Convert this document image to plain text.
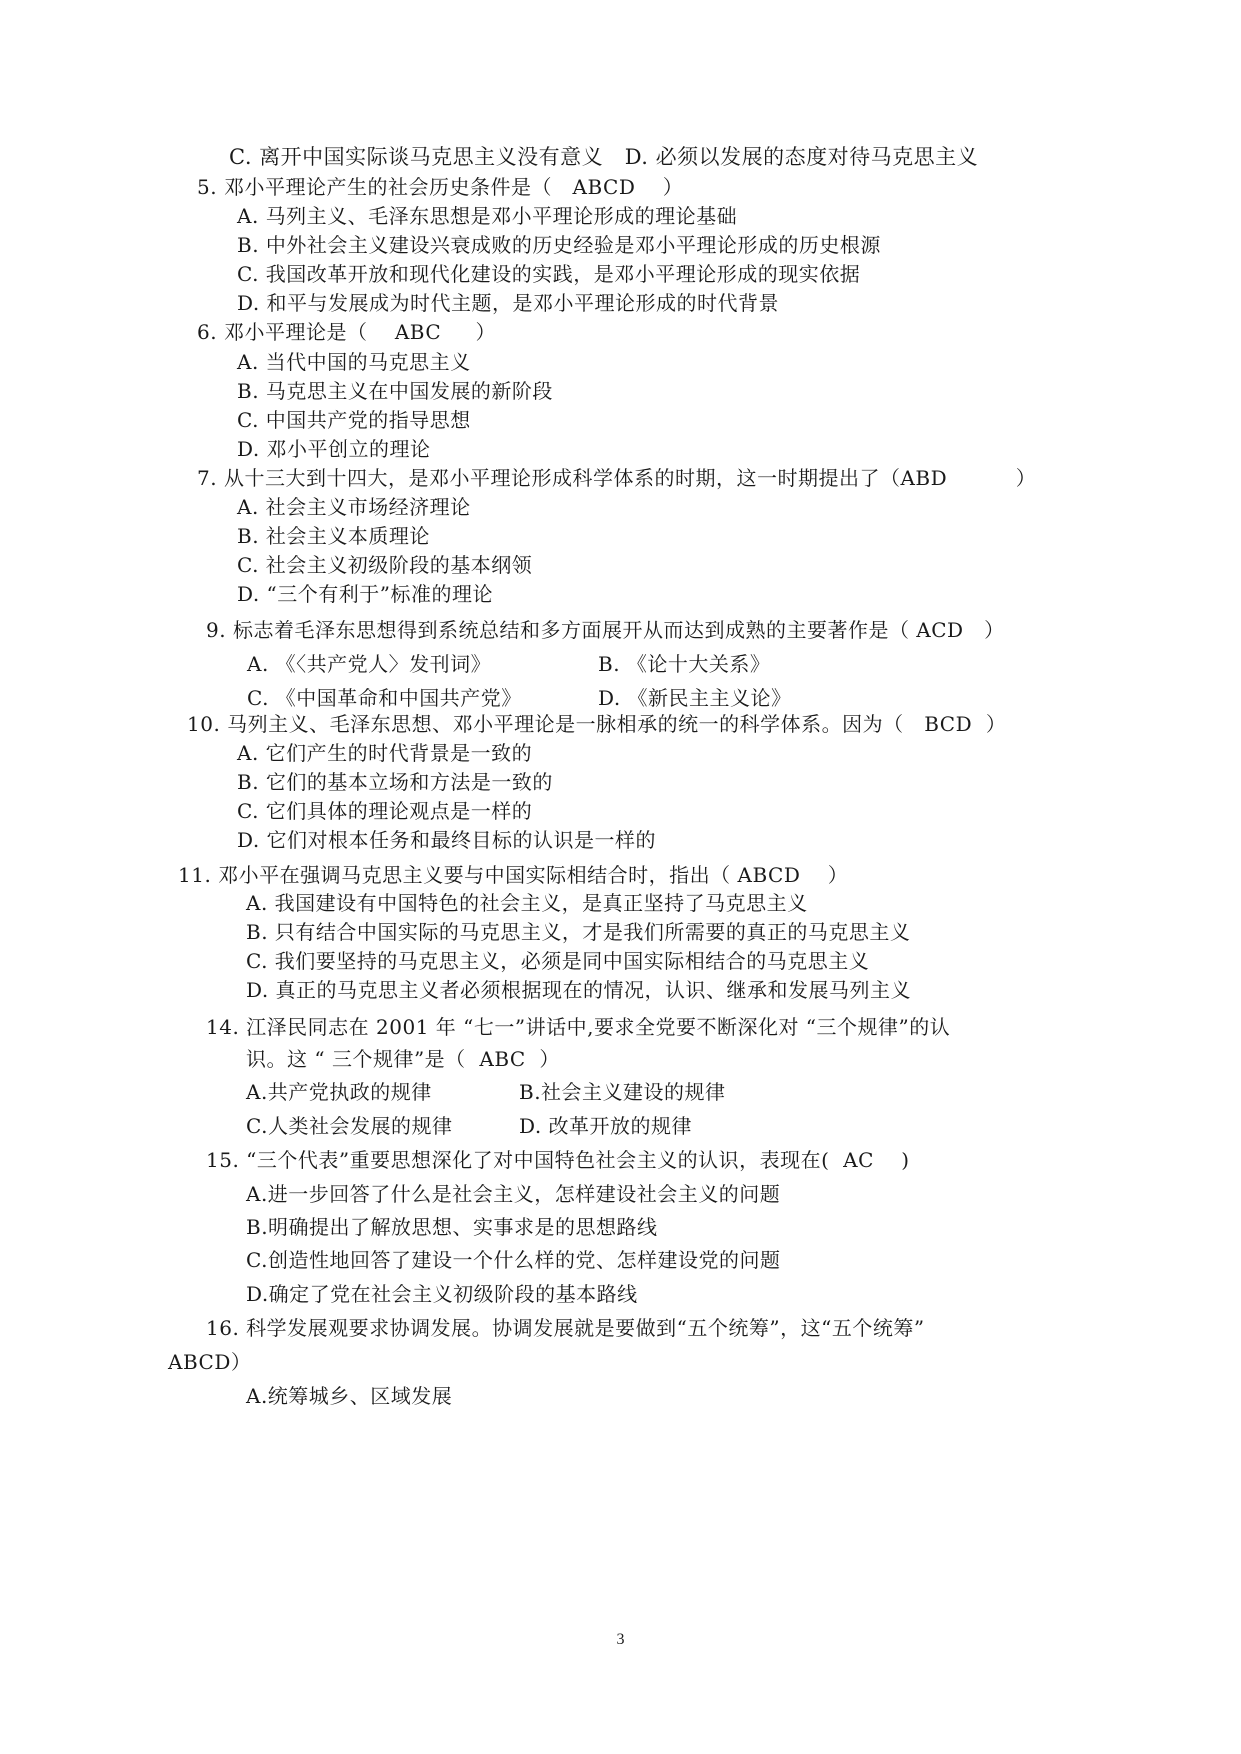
C. 离开中国实际谈马克思主义没有意义   D. 必须以发展的态度对待马克思主义
5. 邓小平理论产生的社会历史条件是（   ABCD    ）
A. 马列主义、毛泽东思想是邓小平理论形成的理论基础
B. 中外社会主义建设兴衰成败的历史经验是邓小平理论形成的历史根源
C. 我国改革开放和现代化建设的实践，是邓小平理论形成的现实依据
D. 和平与发展成为时代主题，是邓小平理论形成的时代背景
6. 邓小平理论是（    ABC     ）
A. 当代中国的马克思主义
B. 马克思主义在中国发展的新阶段
C. 中国共产党的指导思想
D. 邓小平创立的理论
7. 从十三大到十四大，是邓小平理论形成科学体系的时期，这一时期提出了（ABD          ）
A. 社会主义市场经济理论
B. 社会主义本质理论
C. 社会主义初级阶段的基本纲领
D. “三个有利于”标准的理论
9. 标志着毛泽东思想得到系统总结和多方面展开从而达到成熟的主要著作是（ ACD   ）
A. 《〈共产党人〉发刊词》	B. 《论十大关系》
C. 《中国革命和中国共产党》	D. 《新民主主义论》
10. 马列主义、毛泽东思想、邓小平理论是一脉相承的统一的科学体系。因为（   BCD  ）
A. 它们产生的时代背景是一致的
B. 它们的基本立场和方法是一致的
C. 它们具体的理论观点是一样的
D. 它们对根本任务和最终目标的认识是一样的
11. 邓小平在强调马克思主义要与中国实际相结合时，指出（ ABCD    ）
A. 我国建设有中国特色的社会主义，是真正坚持了马克思主义
B. 只有结合中国实际的马克思主义，才是我们所需要的真正的马克思主义
C. 我们要坚持的马克思主义，必须是同中国实际相结合的马克思主义
D. 真正的马克思主义者必须根据现在的情况，认识、继承和发展马列主义
14. 江泽民同志在 2001 年 “七一”讲话中,要求全党要不断深化对 “三个规律”的认
识。这 “ 三个规律”是（  ABC  ）
A.共产党执政的规律	B.社会主义建设的规律
C.人类社会发展的规律	D. 改革开放的规律
15. “三个代表”重要思想深化了对中国特色社会主义的认识，表现在(  AC    )
A.进一步回答了什么是社会主义，怎样建设社会主义的问题
B.明确提出了解放思想、实事求是的思想路线
C.创造性地回答了建设一个什么样的党、怎样建设党的问题
D.确定了党在社会主义初级阶段的基本路线
16. 科学发展观要求协调发展。协调发展就是要做到“五个统筹”，这“五个统筹”
ABCD）
A.统筹城乡、区域发展
3
